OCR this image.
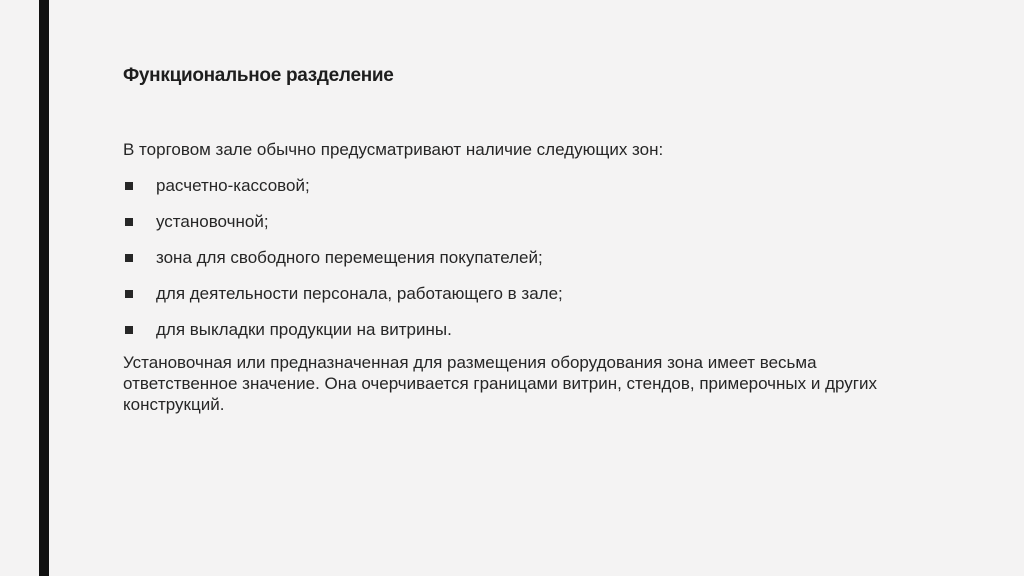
Функциональное разделение
В торговом зале обычно предусматривают наличие следующих зон:
расчетно-кассовой;
установочной;
зона для свободного перемещения покупателей;
для деятельности персонала, работающего в зале;
для выкладки продукции на витрины.

Установочная или предназначенная для размещения оборудования зона имеет весьма ответственное значение. Она очерчивается границами витрин, стендов, примерочных и других конструкций.
